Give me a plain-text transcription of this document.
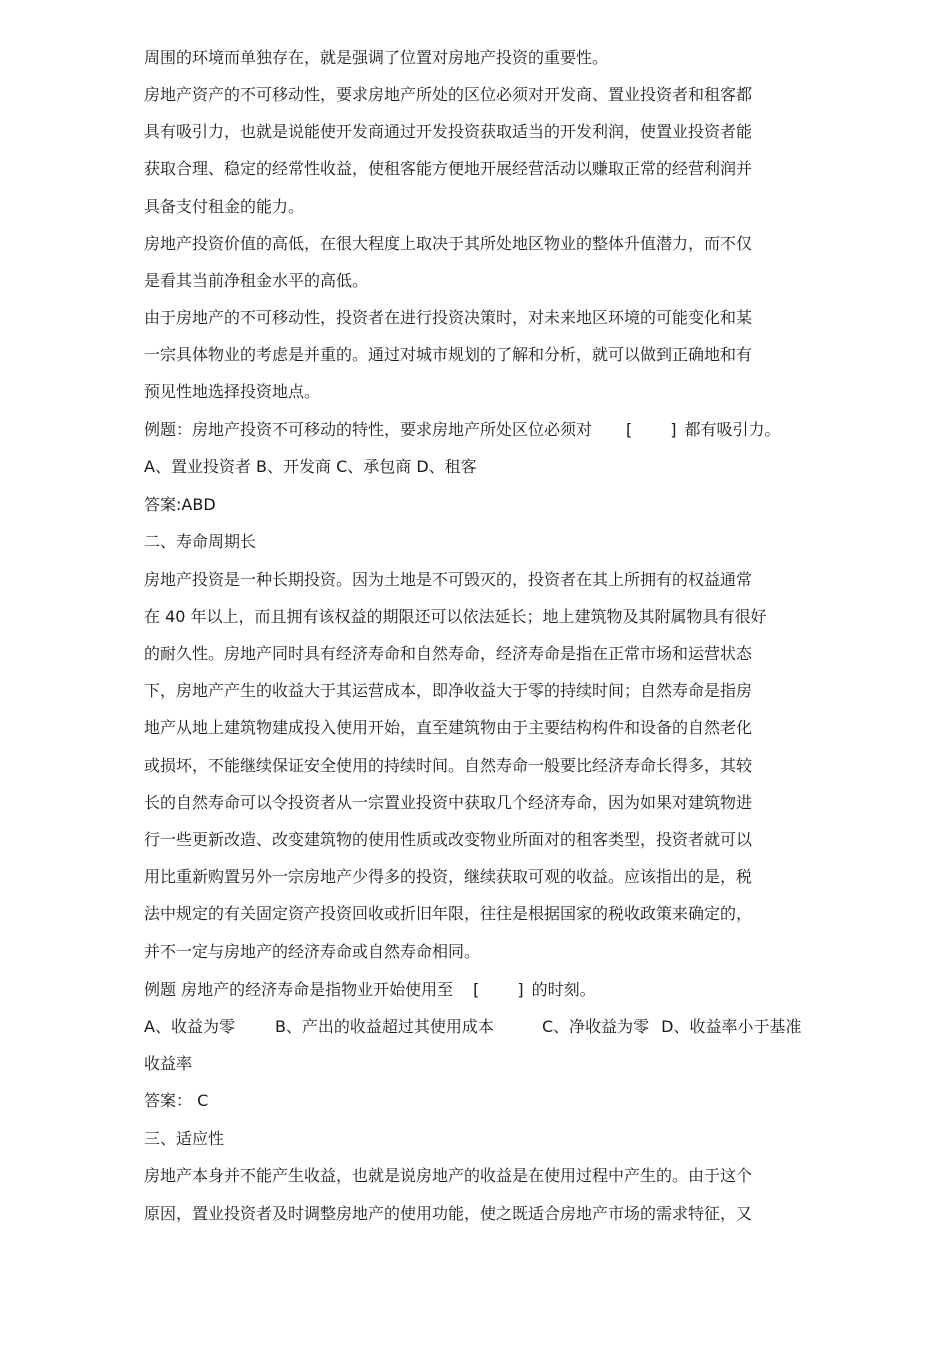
周围的环境而单独存在，就是强调了位置对房地产投资的重要性。
房地产资产的不可移动性，要求房地产所处的区位必须对开发商、置业投资者和租客都
具有吸引力，也就是说能使开发商通过开发投资获取适当的开发利润，使置业投资者能
获取合理、稳定的经常性收益，使租客能方便地开展经营活动以赚取正常的经营利润并
具备支付租金的能力。
房地产投资价值的高低，在很大程度上取决于其所处地区物业的整体升值潜力，而不仅
是看其当前净租金水平的高低。
由于房地产的不可移动性，投资者在进行投资决策时，对未来地区环境的可能变化和某
一宗具体物业的考虑是并重的。通过对城市规划的了解和分析，就可以做到正确地和有
预见性地选择投资地点。
例题：房地产投资不可移动的特性，要求房地产所处区位必须对 [ ] 都有吸引力。
A、置业投资者 B、开发商 C、承包商 D、租客
答案:ABD
二、寿命周期长
房地产投资是一种长期投资。因为土地是不可毁灭的，投资者在其上所拥有的权益通常
在 40 年以上，而且拥有该权益的期限还可以依法延长；地上建筑物及其附属物具有很好
的耐久性。房地产同时具有经济寿命和自然寿命，经济寿命是指在正常市场和运营状态
下，房地产产生的收益大于其运营成本，即净收益大于零的持续时间；自然寿命是指房
地产从地上建筑物建成投入使用开始，直至建筑物由于主要结构构件和设备的自然老化
或损坏，不能继续保证安全使用的持续时间。自然寿命一般要比经济寿命长得多，其较
长的自然寿命可以令投资者从一宗置业投资中获取几个经济寿命，因为如果对建筑物进
行一些更新改造、改变建筑物的使用性质或改变物业所面对的租客类型，投资者就可以
用比重新购置另外一宗房地产少得多的投资，继续获取可观的收益。应该指出的是，税
法中规定的有关固定资产投资回收或折旧年限，往往是根据国家的税收政策来确定的，
并不一定与房地产的经济寿命或自然寿命相同。
例题 房地产的经济寿命是指物业开始使用至 [ ] 的时刻。
A、收益为零	B、产出的收益超过其使用成本	C、净收益为零 D、收益率小于基准
收益率
答案： C
三、适应性
房地产本身并不能产生收益，也就是说房地产的收益是在使用过程中产生的。由于这个
原因，置业投资者及时调整房地产的使用功能，使之既适合房地产市场的需求特征，又
